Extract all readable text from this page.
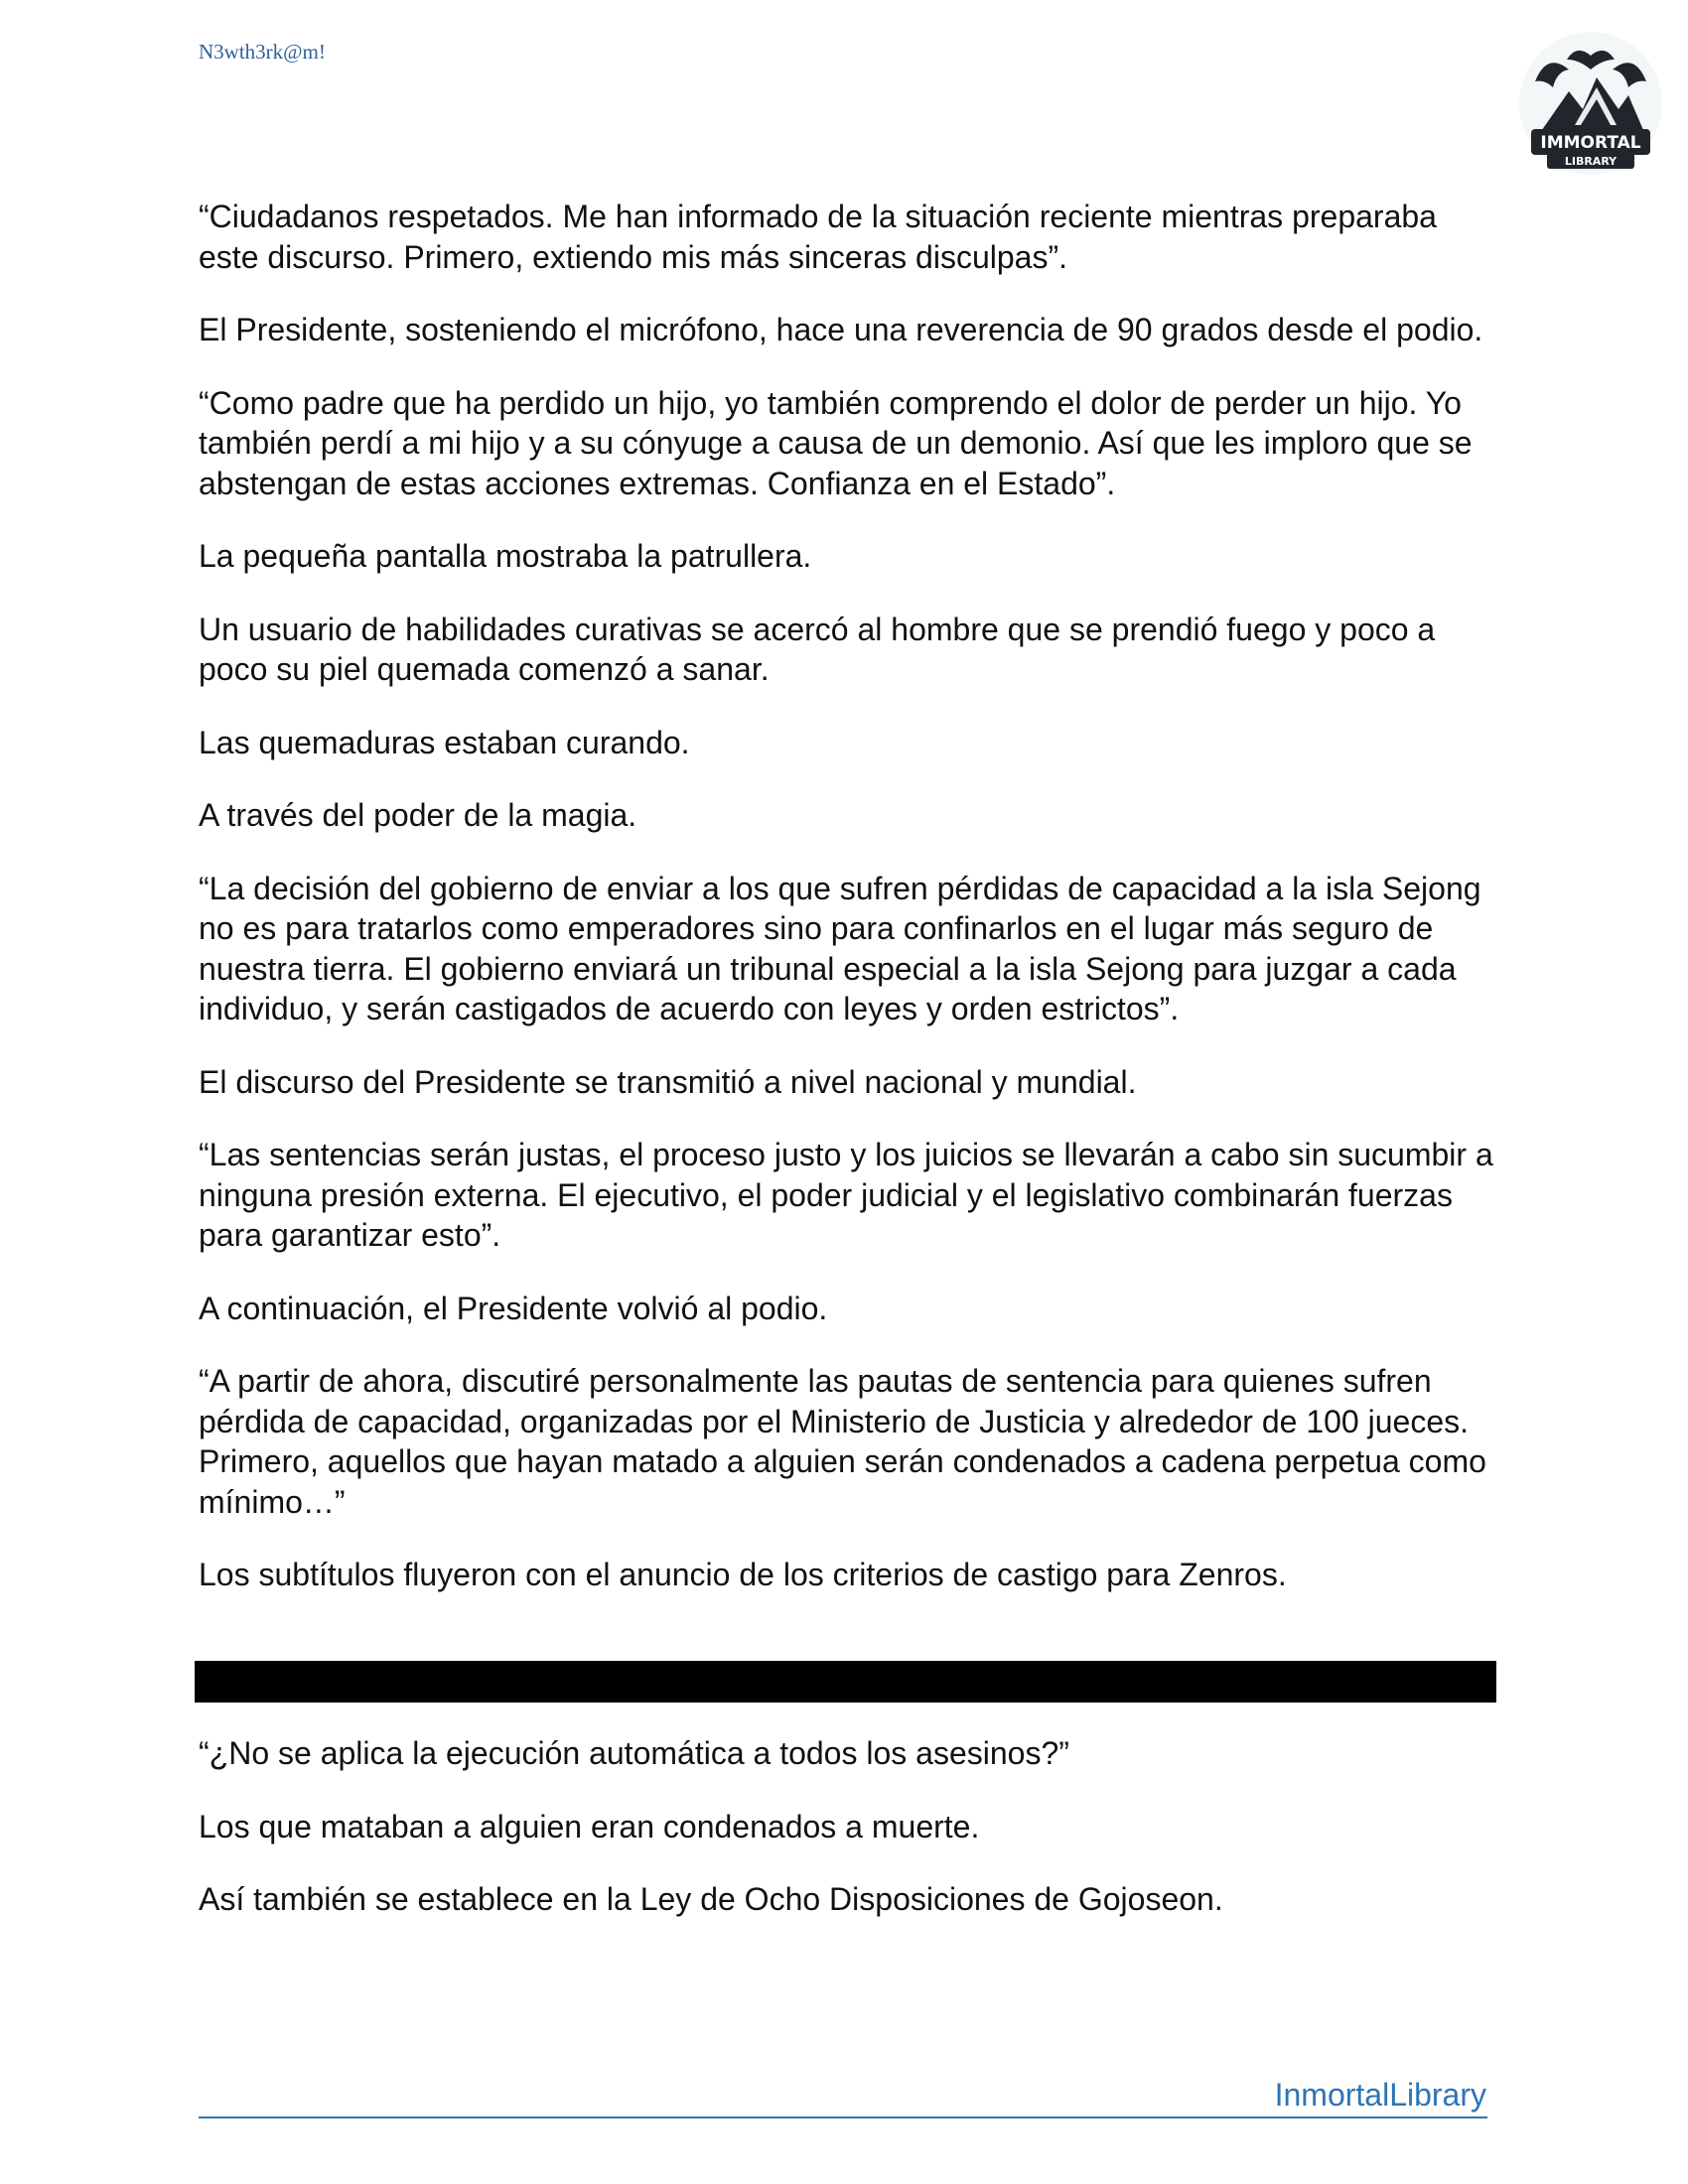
N3wth3rk@m!
IMMORTAL
LIBRARY

“Ciudadanos respetados. Me han informado de la situación reciente mientras preparaba este discurso. Primero, extiendo mis más sinceras disculpas”.

El Presidente, sosteniendo el micrófono, hace una reverencia de 90 grados desde el podio.

“Como padre que ha perdido un hijo, yo también comprendo el dolor de perder un hijo. Yo también perdí a mi hijo y a su cónyuge a causa de un demonio. Así que les imploro que se abstengan de estas acciones extremas. Confianza en el Estado”.

La pequeña pantalla mostraba la patrullera.

Un usuario de habilidades curativas se acercó al hombre que se prendió fuego y poco a poco su piel quemada comenzó a sanar.

Las quemaduras estaban curando.

A través del poder de la magia.

“La decisión del gobierno de enviar a los que sufren pérdidas de capacidad a la isla Sejong no es para tratarlos como emperadores sino para confinarlos en el lugar más seguro de nuestra tierra. El gobierno enviará un tribunal especial a la isla Sejong para juzgar a cada individuo, y serán castigados de acuerdo con leyes y orden estrictos”.

El discurso del Presidente se transmitió a nivel nacional y mundial.

“Las sentencias serán justas, el proceso justo y los juicios se llevarán a cabo sin sucumbir a ninguna presión externa. El ejecutivo, el poder judicial y el legislativo combinarán fuerzas para garantizar esto”.

A continuación, el Presidente volvió al podio.

“A partir de ahora, discutiré personalmente las pautas de sentencia para quienes sufren pérdida de capacidad, organizadas por el Ministerio de Justicia y alrededor de 100 jueces. Primero, aquellos que hayan matado a alguien serán condenados a cadena perpetua como mínimo…”

Los subtítulos fluyeron con el anuncio de los criterios de castigo para Zenros.

“¿No se aplica la ejecución automática a todos los asesinos?”

Los que mataban a alguien eran condenados a muerte.

Así también se establece en la Ley de Ocho Disposiciones de Gojoseon.

InmortalLibrary
